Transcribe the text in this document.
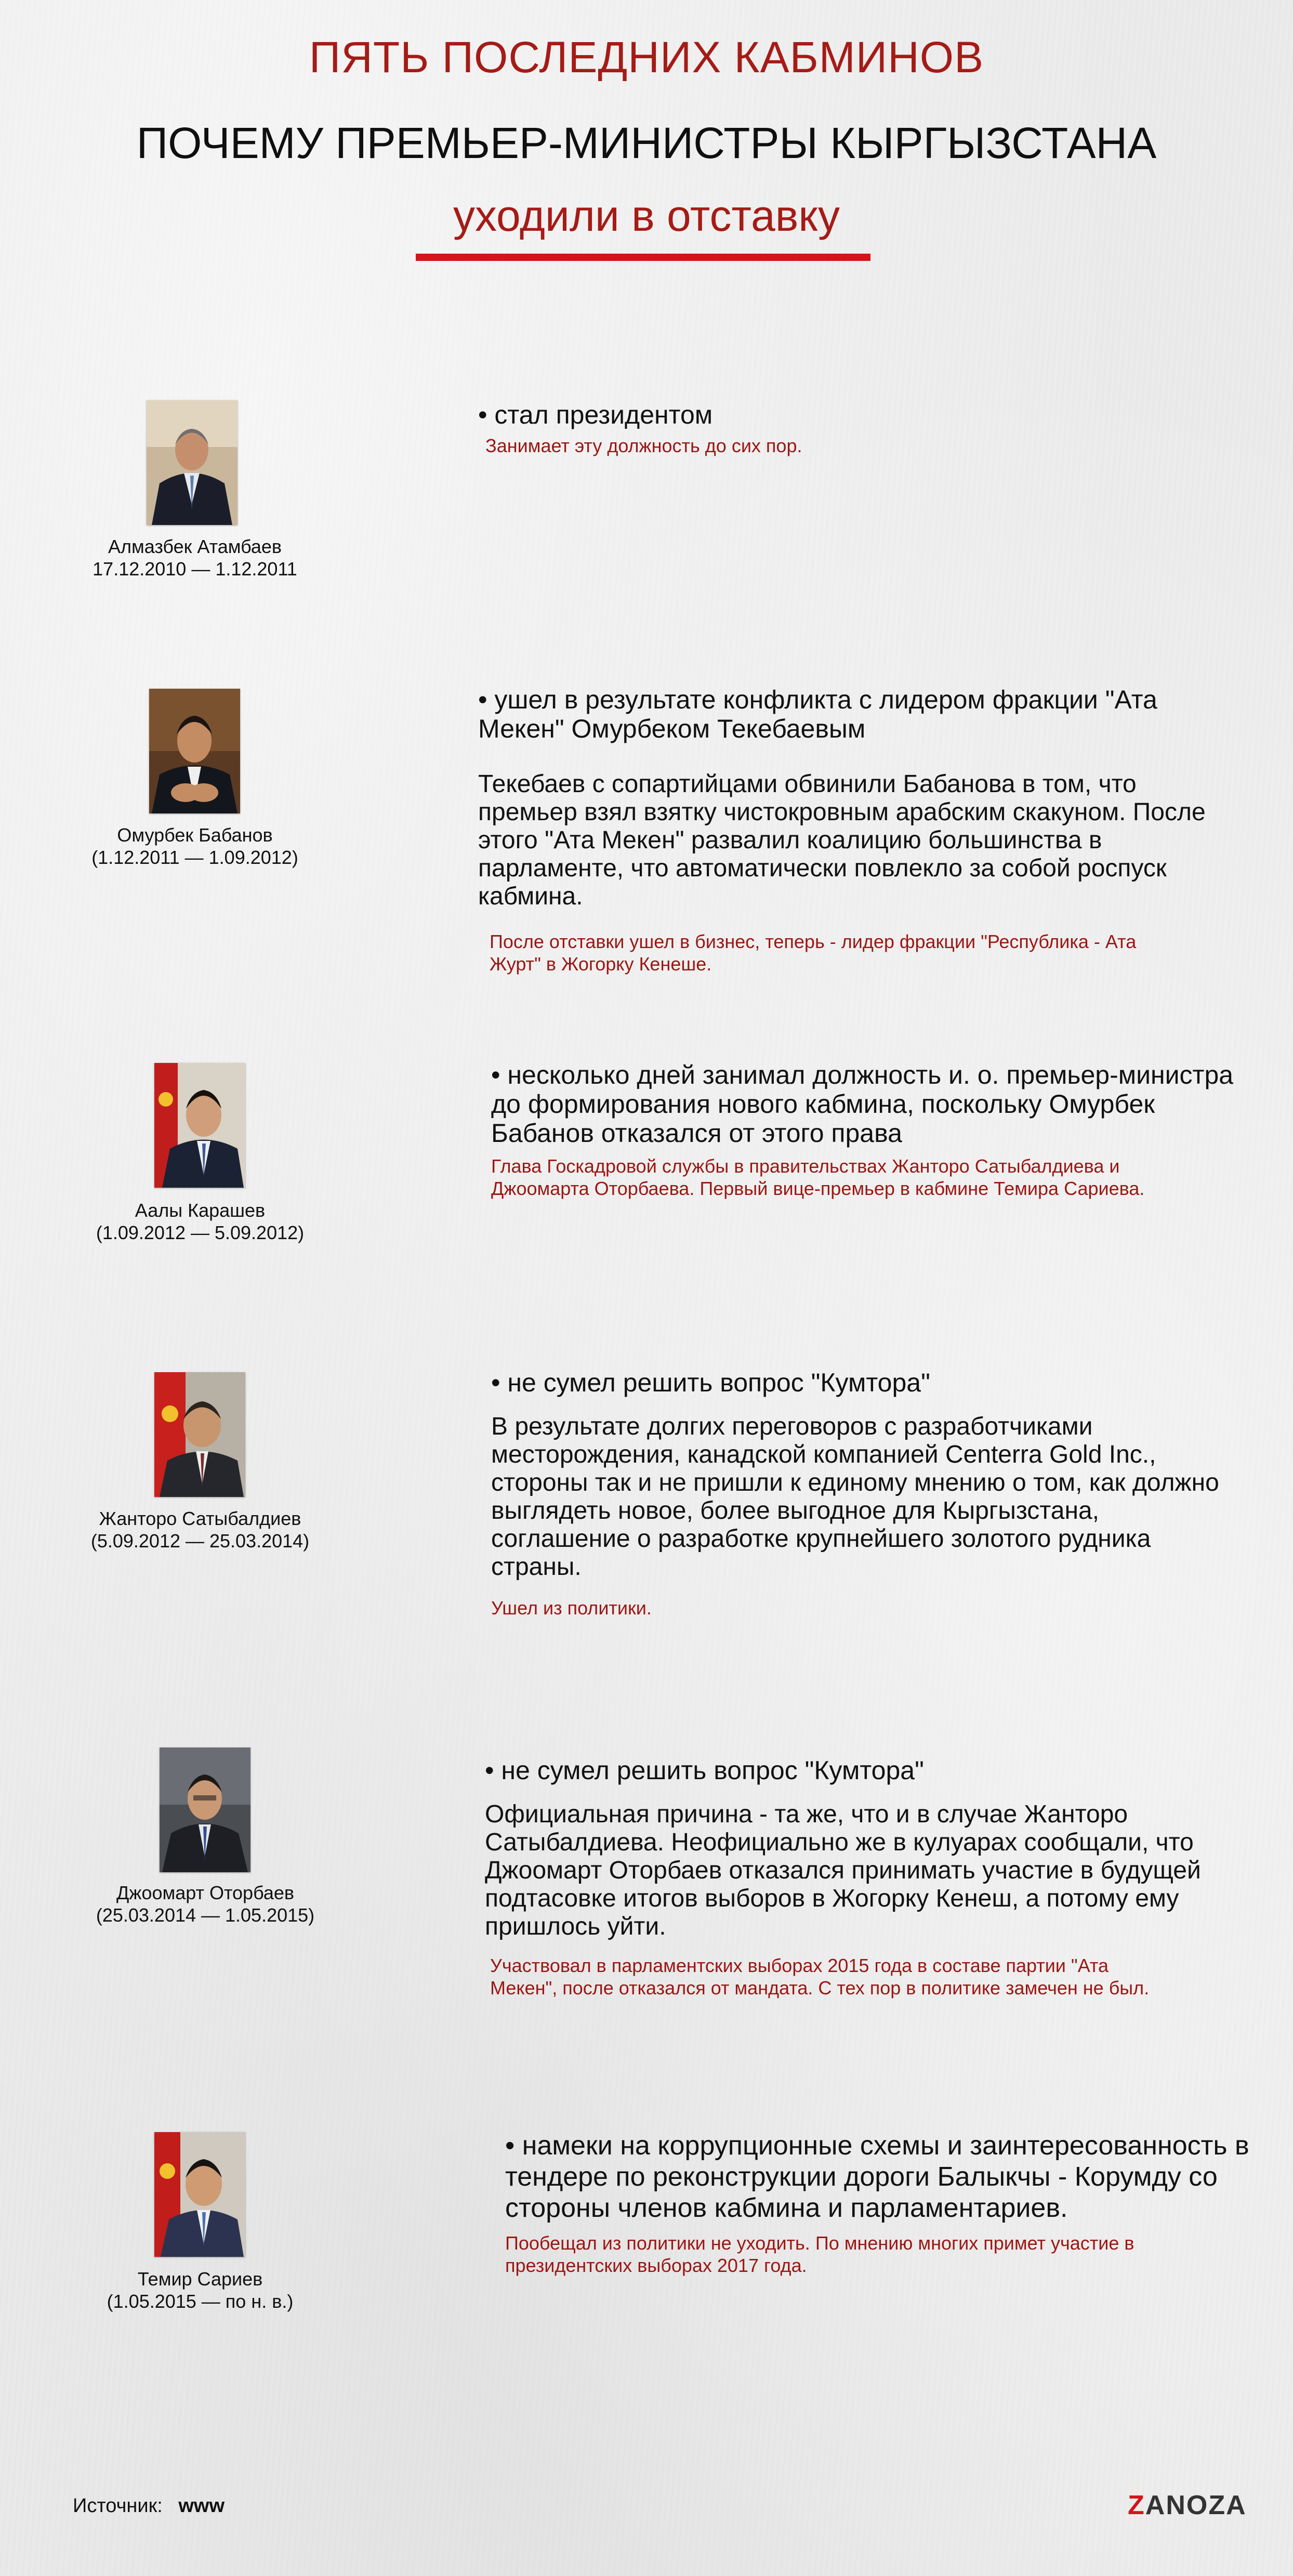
ПЯТЬ ПОСЛЕДНИХ КАБМИНОВ
ПОЧЕМУ ПРЕМЬЕР-МИНИСТРЫ КЫРГЫЗСТАНА
уходили в отставку
Алмазбек Атамбаев
17.12.2010 — 1.12.2011
• стал президентом
Занимает эту должность до сих пор.
Омурбек Бабанов
(1.12.2011 — 1.09.2012)
• ушел в результате конфликта с лидером фракции "Ата Мекен" Омурбеком Текебаевым
Текебаев с сопартийцами обвинили Бабанова в том, что премьер взял взятку чистокровным арабским скакуном. После этого "Ата Мекен" развалил коалицию большинства в парламенте, что автоматически повлекло за собой роспуск кабмина.
После отставки ушел в бизнес, теперь - лидер фракции "Республика - Ата Журт" в Жогорку Кенеше.
Аалы Карашев
(1.09.2012 — 5.09.2012)
• несколько дней занимал должность и. о. премьер-министра до формирования нового кабмина, поскольку Омурбек Бабанов отказался от этого права
Глава Госкадровой службы в правительствах Жанторо Сатыбалдиева и Джоомарта Оторбаева. Первый вице-премьер в кабмине Темира Сариева.
Жанторо Сатыбалдиев
(5.09.2012 — 25.03.2014)
• не сумел решить вопрос "Кумтора"
В результате долгих переговоров с разработчиками месторождения, канадской компанией Centerra Gold Inc., стороны так и не пришли к единому мнению о том, как должно выглядеть новое, более выгодное для Кыргызстана, соглашение о разработке крупнейшего золотого рудника страны.
Ушел из политики.
Джоомарт Оторбаев
(25.03.2014 — 1.05.2015)
• не сумел решить вопрос "Кумтора"
Официальная причина - та же, что и в случае Жанторо Сатыбалдиева. Неофициально же в кулуарах сообщали, что Джоомарт Оторбаев отказался принимать участие в будущей подтасовке итогов выборов в Жогорку Кенеш, а потому ему пришлось уйти.
Участвовал в парламентских выборах 2015 года в составе партии "Ата Мекен", после отказался от мандата. С тех пор в политике замечен не был.
Темир Сариев
(1.05.2015 — по н. в.)
• намеки на коррупционные схемы и заинтересованность в тендере по реконструкции дороги Балыкчы - Корумду со стороны членов кабмина и парламентариев.
Пообещал из политики не уходить. По мнению многих примет участие в президентских выборах 2017 года.
Источник: www	ZANOZA
